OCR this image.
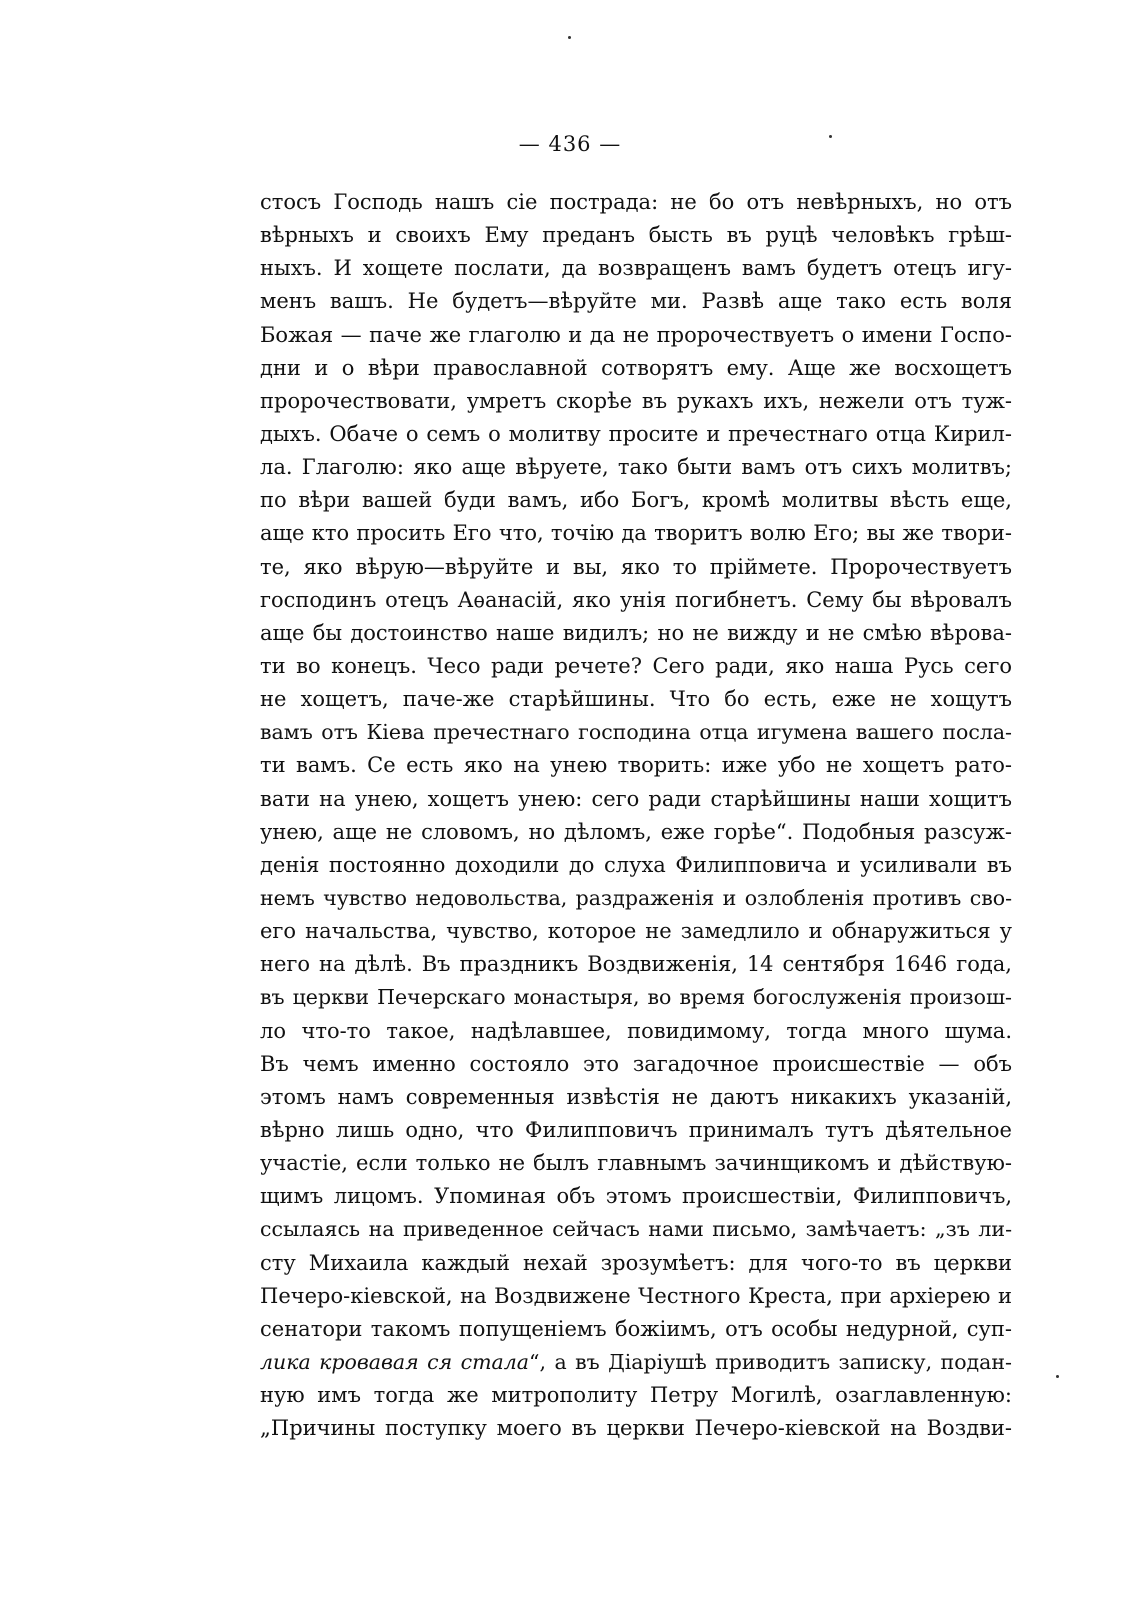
— 436 —
стосъ Господь нашъ сіе пострада: не бо отъ невѣрныхъ, но отъ
вѣрныхъ и своихъ Ему преданъ бысть въ руцѣ человѣкъ грѣш-
ныхъ. И хощете послати, да возвращенъ вамъ будетъ отецъ игу-
менъ вашъ. Не будетъ—вѣруйте ми. Развѣ аще тако есть воля
Божая — паче же глаголю и да не пророчествуетъ о имени Госпо-
дни и о вѣри православной сотворятъ ему. Аще же восхощетъ
пророчествовати, умретъ скорѣе въ рукахъ ихъ, нежели отъ туж-
дыхъ. Обаче о семъ о молитву просите и пречестнаго отца Кирил-
ла. Глаголю: яко аще вѣруете, тако быти вамъ отъ сихъ молитвъ;
по вѣри вашей буди вамъ, ибо Богъ, кромѣ молитвы вѣсть еще,
аще кто просить Его что, точію да творитъ волю Его; вы же твори-
те, яко вѣрую—вѣруйте и вы, яко то пріймете. Пророчествуетъ
господинъ отецъ Аѳанасій, яко унія погибнетъ. Сему бы вѣровалъ
аще бы достоинство наше видилъ; но не вижду и не смѣю вѣрова-
ти во конецъ. Чесо ради речете? Сего ради, яко наша Русь сего
не хощетъ, паче-же старѣйшины. Что бо есть, еже не хощутъ
вамъ отъ Кіева пречестнаго господина отца игумена вашего посла-
ти вамъ. Се есть яко на унею творить: иже убо не хощетъ рато-
вати на унею, хощетъ унею: сего ради старѣйшины наши хощитъ
унею, аще не словомъ, но дѣломъ, еже горѣе“. Подобныя разсуж-
денія постоянно доходили до слуха Филипповича и усиливали въ
немъ чувство недовольства, раздраженія и озлобленія противъ сво-
его начальства, чувство, которое не замедлило и обнаружиться у
него на дѣлѣ. Въ праздникъ Воздвиженія, 14 сентября 1646 года,
въ церкви Печерскаго монастыря, во время богослуженія произош-
ло что-то такое, надѣлавшее, повидимому, тогда много шума.
Въ чемъ именно состояло это загадочное происшествіе — объ
этомъ намъ современныя извѣстія не даютъ никакихъ указаній,
вѣрно лишь одно, что Филипповичъ принималъ тутъ дѣятельное
участіе, если только не былъ главнымъ зачинщикомъ и дѣйствую-
щимъ лицомъ. Упоминая объ этомъ происшествіи, Филипповичъ,
ссылаясь на приведенное сейчасъ нами письмо, замѣчаетъ: „зъ ли-
сту Михаила каждый нехай зрозумѣетъ: для чого-то въ церкви
Печеро-кіевской, на Воздвижене Честного Креста, при архіерею и
сенатори такомъ попущеніемъ божіимъ, отъ особы недурной, суп-
лика кровавая ся стала“, а въ Діаріушѣ приводитъ записку, подан-
ную имъ тогда же митрополиту Петру Могилѣ, озаглавленную:
„Причины поступку моего въ церкви Печеро-кіевской на Воздви-
